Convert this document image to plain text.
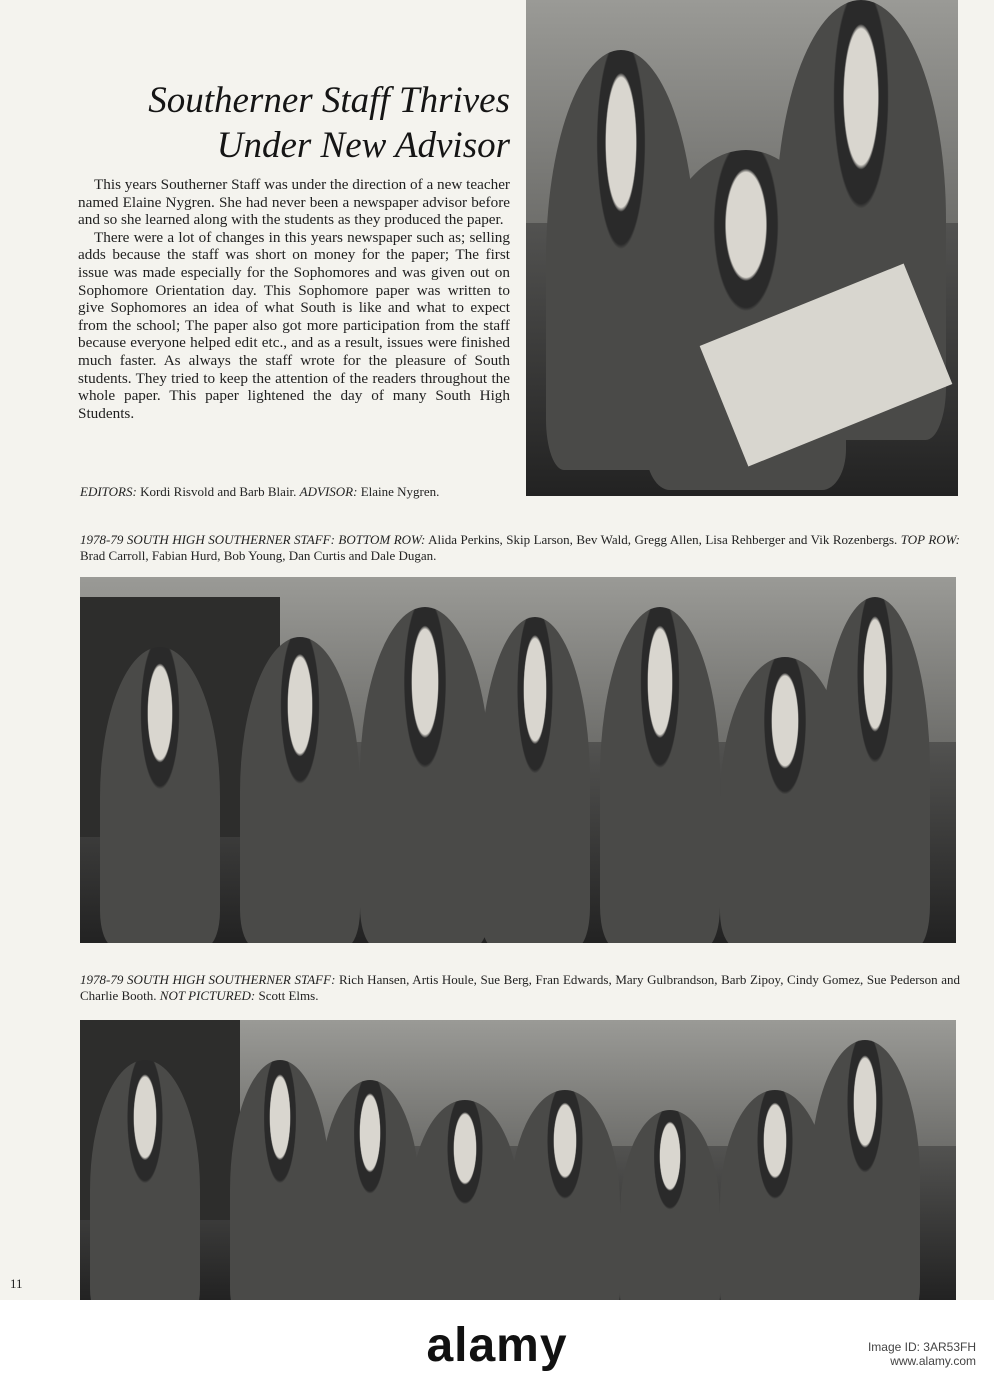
Southerner Staff Thrives
Under New Advisor

This years Southerner Staff was under the direction of a new teacher named Elaine Nygren. She had never been a newspaper advisor before and so she learned along with the students as they produced the paper.

There were a lot of changes in this years newspaper such as; selling adds because the staff was short on money for the paper; The first issue was made especially for the Sophomores and was given out on Sophomore Orientation day. This Sophomore paper was written to give Sophomores an idea of what South is like and what to expect from the school; The paper also got more participation from the staff because everyone helped edit etc., and as a result, issues were finished much faster. As always the staff wrote for the pleasure of South students. They tried to keep the attention of the readers throughout the whole paper. This paper lightened the day of many South High Students.

EDITORS: Kordi Risvold and Barb Blair. ADVISOR: Elaine Nygren.
1978-79 SOUTH HIGH SOUTHERNER STAFF: BOTTOM ROW: Alida Perkins, Skip Larson, Bev Wald, Gregg Allen, Lisa Rehberger and Vik Rozenbergs. TOP ROW: Brad Carroll, Fabian Hurd, Bob Young, Dan Curtis and Dale Dugan.
1978-79 SOUTH HIGH SOUTHERNER STAFF: Rich Hansen, Artis Houle, Sue Berg, Fran Edwards, Mary Gulbrandson, Barb Zipoy, Cindy Gomez, Sue Pederson and Charlie Booth. NOT PICTURED: Scott Elms.
11
alamy	Image ID: 3AR53FH
www.alamy.com
